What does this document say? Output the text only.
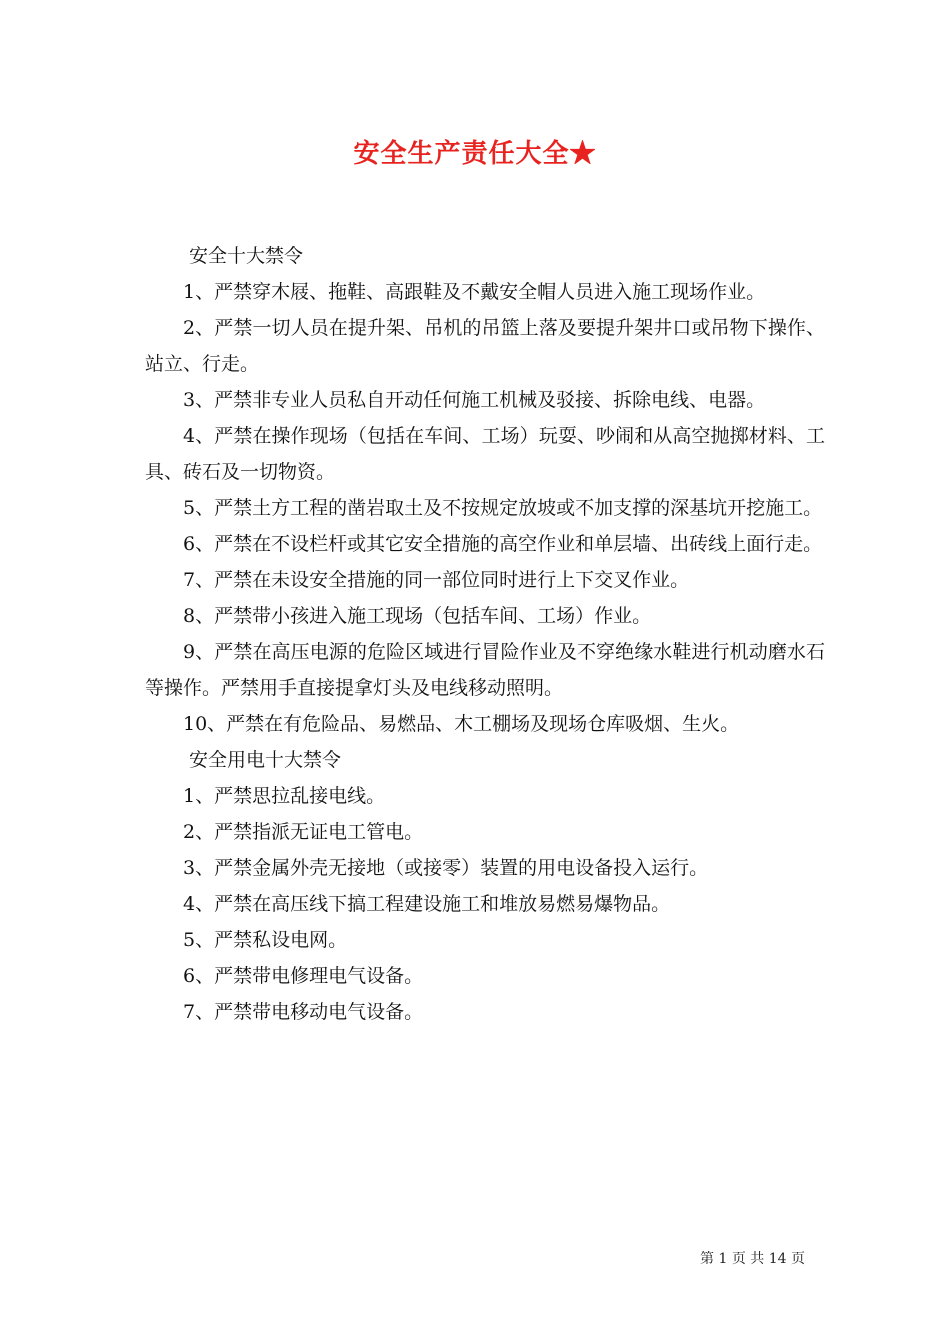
安全生产责任大全★

安全十大禁令

1、严禁穿木屐、拖鞋、高跟鞋及不戴安全帽人员进入施工现场作业。

2、严禁一切人员在提升架、吊机的吊篮上落及要提升架井口或吊物下操作、站立、行走。

3、严禁非专业人员私自开动任何施工机械及驳接、拆除电线、电器。

4、严禁在操作现场（包括在车间、工场）玩耍、吵闹和从高空抛掷材料、工具、砖石及一切物资。

5、严禁土方工程的凿岩取土及不按规定放坡或不加支撑的深基坑开挖施工。

6、严禁在不设栏杆或其它安全措施的高空作业和单层墙、出砖线上面行走。

7、严禁在未设安全措施的同一部位同时进行上下交叉作业。

8、严禁带小孩进入施工现场（包括车间、工场）作业。

9、严禁在高压电源的危险区域进行冒险作业及不穿绝缘水鞋进行机动磨水石等操作。严禁用手直接提拿灯头及电线移动照明。

10、严禁在有危险品、易燃品、木工棚场及现场仓库吸烟、生火。

安全用电十大禁令

1、严禁思拉乱接电线。

2、严禁指派无证电工管电。

3、严禁金属外壳无接地（或接零）装置的用电设备投入运行。

4、严禁在高压线下搞工程建设施工和堆放易燃易爆物品。

5、严禁私设电网。

6、严禁带电修理电气设备。

7、严禁带电移动电气设备。

第 1 页 共 14 页
